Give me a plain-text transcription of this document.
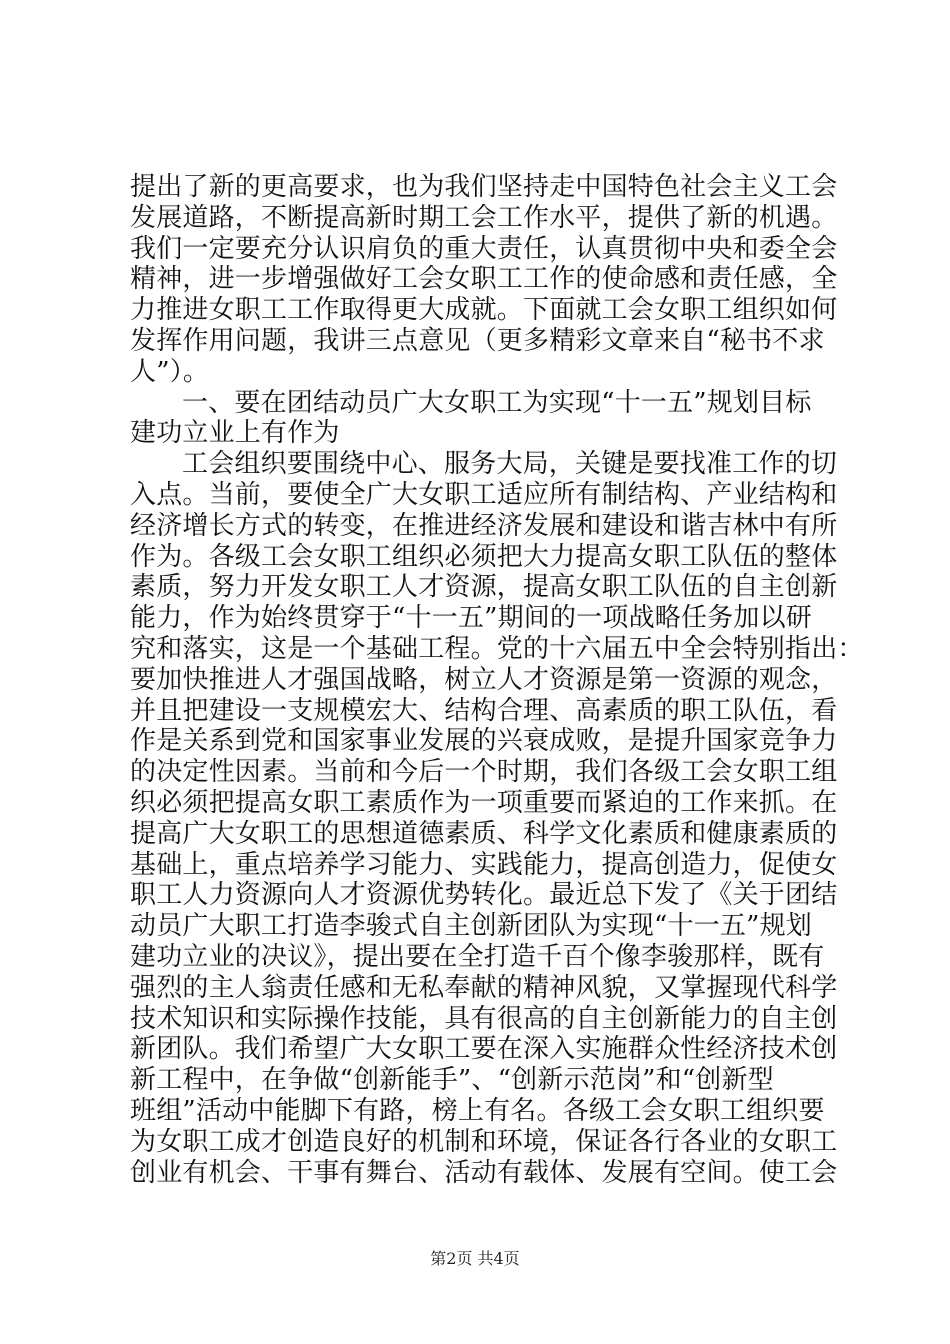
提出了新的更高要求，也为我们坚持走中国特色社会主义工会
发展道路，不断提高新时期工会工作水平，提供了新的机遇。
我们一定要充分认识肩负的重大责任，认真贯彻中央和委全会
精神，进一步增强做好工会女职工工作的使命感和责任感，全
力推进女职工工作取得更大成就。下面就工会女职工组织如何
发挥作用问题，我讲三点意见（更多精彩文章来自“秘书不求
人”）。
一、要在团结动员广大女职工为实现“十一五”规划目标
建功立业上有作为
工会组织要围绕中心、服务大局，关键是要找准工作的切
入点。当前，要使全广大女职工适应所有制结构、产业结构和
经济增长方式的转变，在推进经济发展和建设和谐吉林中有所
作为。各级工会女职工组织必须把大力提高女职工队伍的整体
素质，努力开发女职工人才资源，提高女职工队伍的自主创新
能力，作为始终贯穿于“十一五”期间的一项战略任务加以研
究和落实，这是一个基础工程。党的十六届五中全会特别指出：
要加快推进人才强国战略，树立人才资源是第一资源的观念，
并且把建设一支规模宏大、结构合理、高素质的职工队伍，看
作是关系到党和国家事业发展的兴衰成败，是提升国家竞争力
的决定性因素。当前和今后一个时期，我们各级工会女职工组
织必须把提高女职工素质作为一项重要而紧迫的工作来抓。在
提高广大女职工的思想道德素质、科学文化素质和健康素质的
基础上，重点培养学习能力、实践能力，提高创造力，促使女
职工人力资源向人才资源优势转化。最近总下发了《关于团结
动员广大职工打造李骏式自主创新团队为实现“十一五”规划
建功立业的决议》，提出要在全打造千百个像李骏那样，既有
强烈的主人翁责任感和无私奉献的精神风貌，又掌握现代科学
技术知识和实际操作技能，具有很高的自主创新能力的自主创
新团队。我们希望广大女职工要在深入实施群众性经济技术创
新工程中，在争做“创新能手”、“创新示范岗”和“创新型
班组”活动中能脚下有路，榜上有名。各级工会女职工组织要
为女职工成才创造良好的机制和环境，保证各行各业的女职工
创业有机会、干事有舞台、活动有载体、发展有空间。使工会
第2页 共4页
